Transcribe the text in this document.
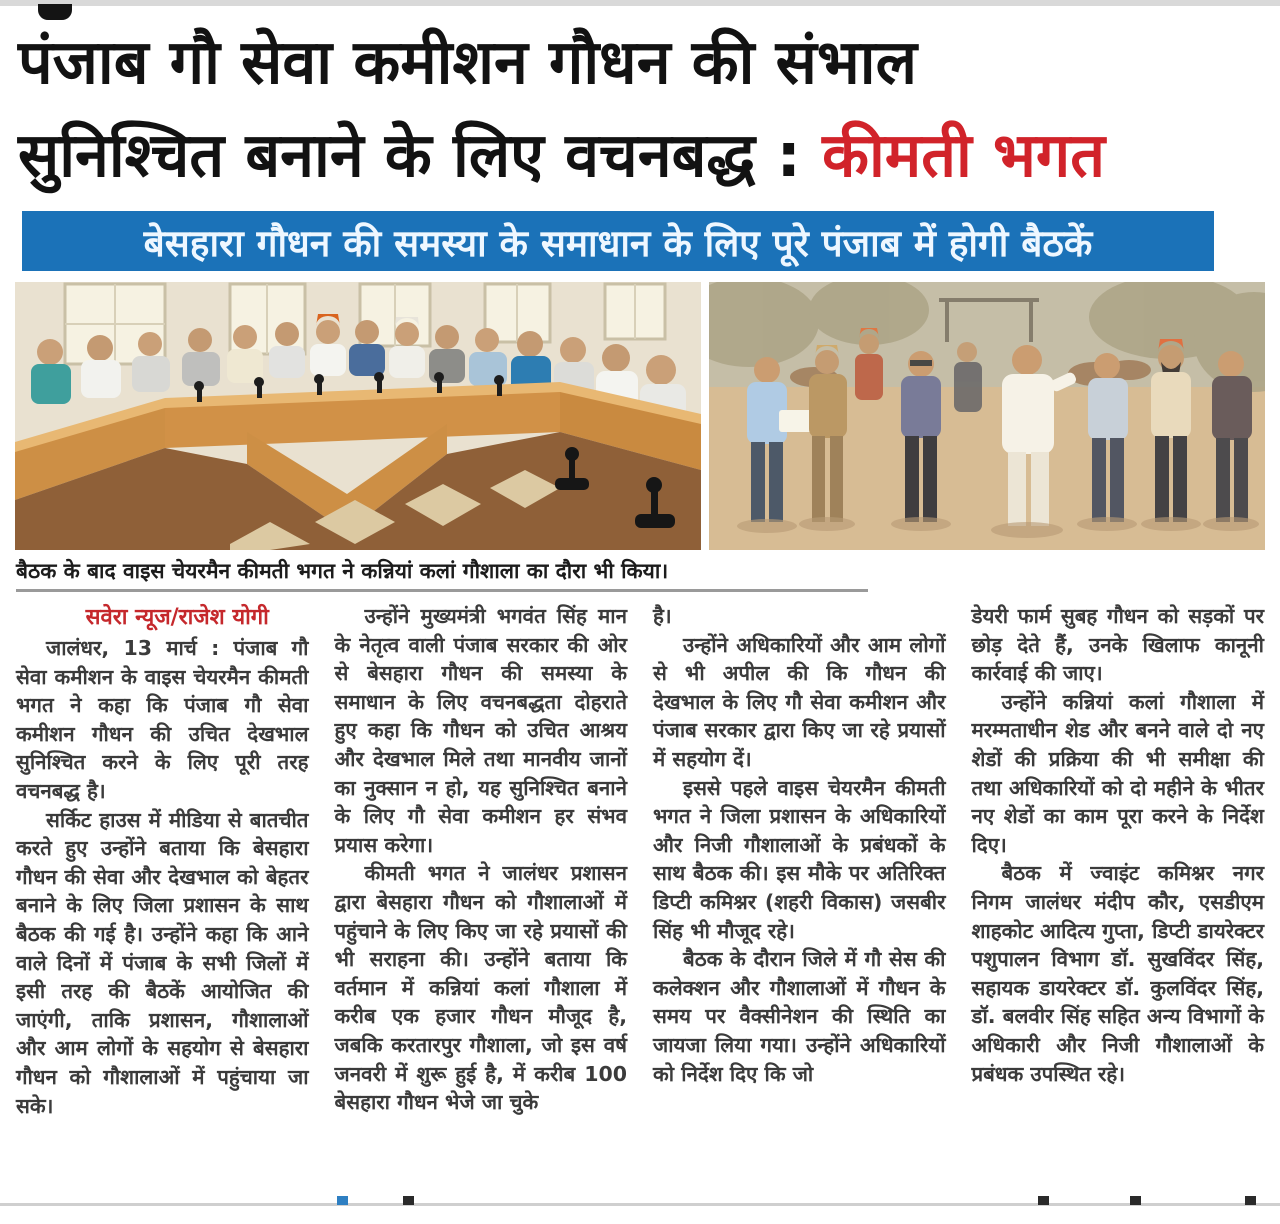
पंजाब गौ सेवा कमीशन गौधन की संभाल
सुनिश्चित बनाने के लिए वचनबद्ध : कीमती भगत
बेसहारा गौधन की समस्या के समाधान के लिए पूरे पंजाब में होगी बैठकें
बैठक के बाद वाइस चेयरमैन कीमती भगत ने कन्नियां कलां गौशाला का दौरा भी किया।

सवेरा न्यूज/राजेश योगी

जालंधर, 13 मार्च : पंजाब गौ सेवा कमीशन के वाइस चेयरमैन कीमती भगत ने कहा कि पंजाब गौ सेवा कमीशन गौधन की उचित देखभाल सुनिश्चित करने के लिए पूरी तरह वचनबद्ध है।

सर्किट हाउस में मीडिया से बातचीत करते हुए उन्होंने बताया कि बेसहारा गौधन की सेवा और देखभाल को बेहतर बनाने के लिए जिला प्रशासन के साथ बैठक की गई है। उन्होंने कहा कि आने वाले दिनों में पंजाब के सभी जिलों में इसी तरह की बैठकें आयोजित की जाएंगी, ताकि प्रशासन, गौशालाओं और आम लोगों के सहयोग से बेसहारा गौधन को गौशालाओं में पहुंचाया जा सके।

उन्होंने मुख्यमंत्री भगवंत सिंह मान के नेतृत्व वाली पंजाब सरकार की ओर से बेसहारा गौधन की समस्या के समाधान के लिए वचनबद्धता दोहराते हुए कहा कि गौधन को उचित आश्रय और देखभाल मिले तथा मानवीय जानों का नुक्सान न हो, यह सुनिश्चित बनाने के लिए गौ सेवा कमीशन हर संभव प्रयास करेगा।

कीमती भगत ने जालंधर प्रशासन द्वारा बेसहारा गौधन को गौशालाओं में पहुंचाने के लिए किए जा रहे प्रयासों की भी सराहना की। उन्होंने बताया कि वर्तमान में कन्नियां कलां गौशाला में करीब एक हजार गौधन मौजूद है, जबकि करतारपुर गौशाला, जो इस वर्ष जनवरी में शुरू हुई है, में करीब 100 बेसहारा गौधन भेजे जा चुके

है।

उन्होंने अधिकारियों और आम लोगों से भी अपील की कि गौधन की देखभाल के लिए गौ सेवा कमीशन और पंजाब सरकार द्वारा किए जा रहे प्रयासों में सहयोग दें।

इससे पहले वाइस चेयरमैन कीमती भगत ने जिला प्रशासन के अधिकारियों और निजी गौशालाओं के प्रबंधकों के साथ बैठक की। इस मौके पर अतिरिक्त डिप्टी कमिश्नर (शहरी विकास) जसबीर सिंह भी मौजूद रहे।

बैठक के दौरान जिले में गौ सेस की कलेक्शन और गौशालाओं में गौधन के समय पर वैक्सीनेशन की स्थिति का जायजा लिया गया। उन्होंने अधिकारियों को निर्देश दिए कि जो

डेयरी फार्म सुबह गौधन को सड़कों पर छोड़ देते हैं, उनके खिलाफ कानूनी कार्रवाई की जाए।

उन्होंने कन्नियां कलां गौशाला में मरम्मताधीन शेड और बनने वाले दो नए शेडों की प्रक्रिया की भी समीक्षा की तथा अधिकारियों को दो महीने के भीतर नए शेडों का काम पूरा करने के निर्देश दिए।

बैठक में ज्वाइंट कमिश्नर नगर निगम जालंधर मंदीप कौर, एसडीएम शाहकोट आदित्य गुप्ता, डिप्टी डायरेक्टर पशुपालन विभाग डॉ. सुखविंदर सिंह, सहायक डायरेक्टर डॉ. कुलविंदर सिंह, डॉ. बलवीर सिंह सहित अन्य विभागों के अधिकारी और निजी गौशालाओं के प्रबंधक उपस्थित रहे।
